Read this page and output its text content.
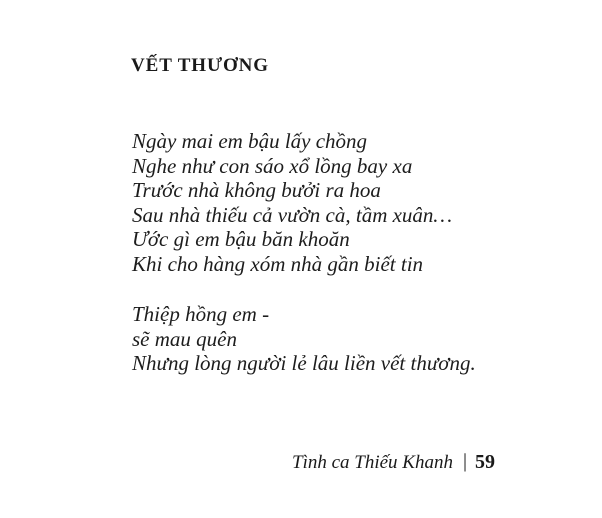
VẾT THƯƠNG
Ngày mai em bậu lấy chồng
Nghe như con sáo xổ lồng bay xa
Trước nhà không bưởi ra hoa
Sau nhà thiếu cả vườn cà, tầm xuân…
Ước gì em bậu băn khoăn
Khi cho hàng xóm nhà gần biết tin
Thiệp hồng em -
sẽ mau quên
Nhưng lòng người lẻ lâu liền vết thương.
Tình ca Thiếu Khanh | 59
